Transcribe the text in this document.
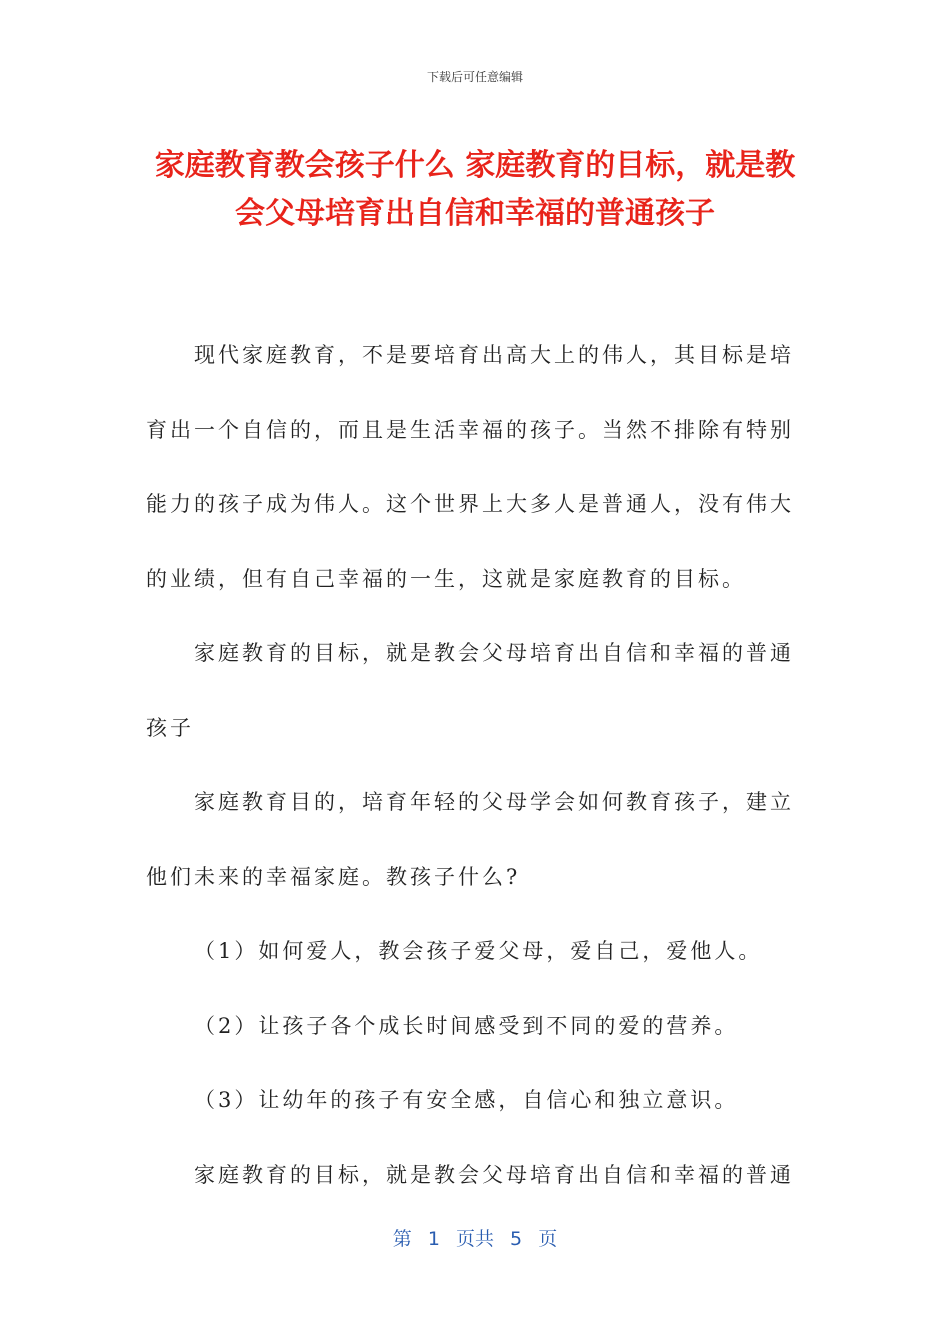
下载后可任意编辑
家庭教育教会孩子什么 家庭教育的目标，就是教会父母培育出自信和幸福的普通孩子

现代家庭教育，不是要培育出高大上的伟人，其目标是培育出一个自信的，而且是生活幸福的孩子。当然不排除有特别能力的孩子成为伟人。这个世界上大多人是普通人，没有伟大的业绩，但有自己幸福的一生，这就是家庭教育的目标。

家庭教育的目标，就是教会父母培育出自信和幸福的普通孩子

家庭教育目的，培育年轻的父母学会如何教育孩子，建立他们未来的幸福家庭。教孩子什么?

（1）如何爱人，教会孩子爱父母，爱自己，爱他人。

（2）让孩子各个成长时间感受到不同的爱的营养。

（3）让幼年的孩子有安全感，自信心和独立意识。

家庭教育的目标，就是教会父母培育出自信和幸福的普通

第 1 页共 5 页
